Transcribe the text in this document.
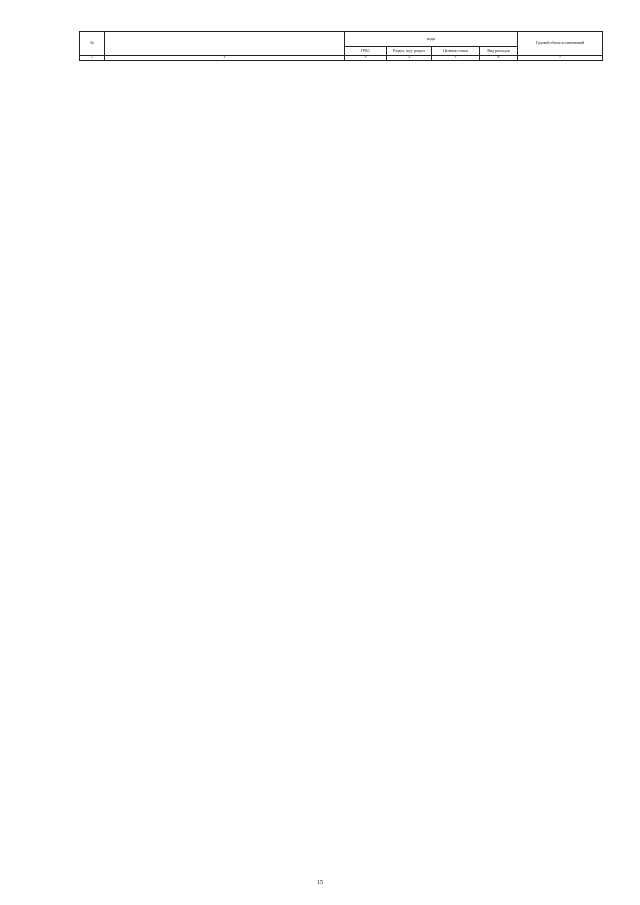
№		коды				Годовой объем ассигнований
		ГРБС	Раздел, под- раздел	Целевая статья	Вид расходов	
1	2	3	4	5	6	7
15
